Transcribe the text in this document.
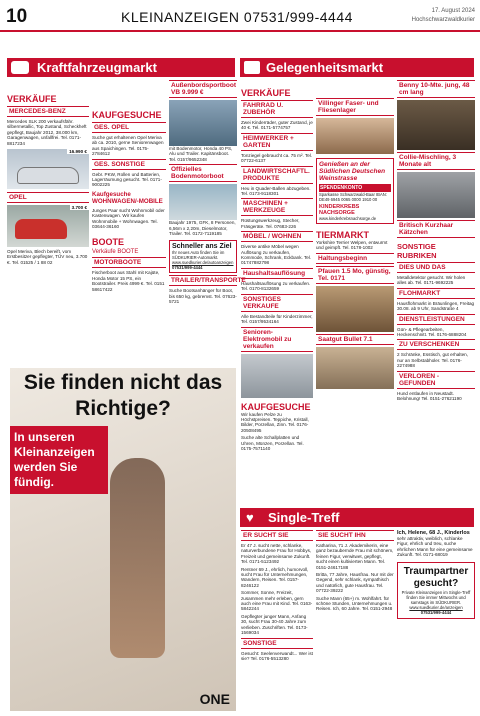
10	KLEINANZEIGEN 07531/999-4444	17. August 2024
Hochschwarzwaldkurier
Kraftfahrzeugmarkt	Gelegenheitsmarkt
VERKÄUFE
MERCEDES-BENZ
Mercedes SLK 200 verkaufsfähr. silbermetallic, Top Zustand, Scheckheft gepflegt, Baujahr 2012, 38.000 km, Garagenwagen, unfallfrei. Tel. 0171-8817234
16.990 €
OPEL
3.700 €
Opel Meriva, Blech bereift, vom Erstbesitzer gepflegter, TÜV neu, 3.700 €. Tel. 01525 / 1 88 02
KAUFGESUCHE
GES. OPEL
Suche gut erhaltenen Opel Meriva ab ca. 2010, gerne Seniorenwagen aus Spaichingen. Tel. 0175-2784612
GES. SONSTIGE
Gebr. PKW, Rollen und Batterien, Lagerräumung gesucht. Tel. 0171-9002225
Kaufgesuche WOHNWAGEN/-MOBILE
Junges Paar sucht Wohnmobil oder Kastenwagen. Wir kaufen Wohnmobile + Wohnwagen. Tel. 03644-36160
BOOTE
Verkäufe BOOTE
MOTORBOOTE
Fischerboot aus Stahl mit Kajüte, Honda Motor 15 PS, ein Bootstrailer. Preis 4999 €. Tel. 0151 58617422
Außenbordsportboot VB 9.999 €
mit Bodenmotor, Honda 40 PS, Alu und Trailer. Kapitänsboot. Tel. 0157/9652348
Offizielles Bodenmotorboot
Baujahr 1975, GFK, 8 Personen, 6,56m x 2,20m, Dieselmotor, Trailer. Tel. 0172-7119185
Schneller ans Ziel
Ihr neues Auto finden Sie im SÜDKURIER-Automarkt.
www.suedkurier.de/autoanzeigen
07531/999-4444
TRAILER/TRANSPORTE
Suche Bootsanhänger für Boot, bis 650 kg, gebremst. Tel. 07623-5721
Sie finden nicht das Richtige?
In unseren Kleinanzeigen werden Sie fündig.
ONE
VERKÄUFE
FAHRRAD U. ZUBEHÖR
Zwei Kinderräder, guter Zustand, je 40 €. Tel. 0171-5774757
HEIMWERKER + GARTEN
Tonziegel gebraucht ca. 75 m². Tel. 07722-6137
LANDWIRTSCHAFTL. PRODUKTE
Heu in Quader-Ballen abzugeben. Tel. 0173-9118301
MASCHINEN + WERKZEUGE
Rüstungswerkzeug, Stecher, Fräsgeräte. Tel. 07683-226
MÖBEL / WOHNEN
Diverse antike Möbel wegen Auflösung zu verkaufen, Kommode, Schrank, Eckbank. Tel. 01747882798
Haushaltsauflösung
Haushaltsauflösung zu verkaufen. Tel. 0170-8132659
SONSTIGES VERKAUFE
Alle Bestandteile für Kinderzimmer, Tel. 0157/9534164
Senioren-Elektromobil zu verkaufen
KAUFGESUCHE
Wir kaufen Pelze zu Höchstpreisen. Teppiche, Kristall, Bilder, Porzellan, Zinn. Tel. 0176-20508495
Suche alte Schallplatten und Uhren, Münzen, Porzellan. Tel. 0175-7571140
Villinger Faser- und Fliesenlager
Genießen an der Südlichen Deutschen Weinstrasse
SPENDENKONTO
Sparkasse Schwarzwald-Baar IBAN: DE49 6945 0065 0000 1910 00
KINDERKREBS NACHSORGE
www.kinderkrebsnachsorge.de
TIERMARKT
Yorkshire Terrier Welpen, entwurmt und geimpft. Tel. 0178-1002
Haltungsbeginn
Pfauen 1.5 Mo, günstig, Tel. 0171
Saatgut Bullet 7.1
Benny 10-Mte. jung, 48 cm lang
Collie-Mischling, 3 Monate alt
Britisch Kurzhaar Kätzchen
SONSTIGE RUBRIKEN
DIES UND DAS
Metalldetektor gesucht. Wir holen alles ab. Tel. 0171-9692225
FLOHMARKT
Hausflohmarkt in Bräunlingen, Freitag 30.08. ab 9 Uhr, Sandstraße 4
DIENSTLEISTUNGEN
Gün- & Pflegearbeiten, Heckenschnitt. Tel. 0176-6888204
ZU VERSCHENKEN
2 Schränke, Esstisch, gut erhalten, nur an Selbstabholer. Tel. 0176-2274988
VERLOREN - GEFUNDEN
Hund entlaufen in Neustadt. Belohnung! Tel. 0151-27621190
♥ Single-Treff
ER SUCHT SIE
Er 47 J. sucht nette, schlanke, naturverbundene Frau für Hobbys, Freizeit und gemeinsame Zukunft. Tel. 0171-5123492
Rentner 69 J., ehrlich, humorvoll, sucht Frau für Unternehmungen, Wandern, Reisen. Tel. 0157-8246122
Sommer, Sonne, Freizeit, zusammen mehr erleben, gern auch eine Frau mit Kind. Tel. 0163-5842244
Gepflegter junger Mann, Anfang 30, sucht Frau 30-40 Jahre zum verlieben. Zuschriften. Tel. 0173-1569034
SONSTIGE
Gesucht: Seelenverwandt... Wer ist sie? Tel. 0176-5513280
SIE SUCHT IHN
Katharina, 71 J. Akademikerin, eine ganz bezaubernde Frau mit schönem, feinen Figur, verwitwet, gepflegt, sucht einen kultivierten Mann. Tel. 0151-24617188
Britta, 77 Jahre, Hausfrau. Nur mit der Gegend, sehr schlank, sympathisch und natürlich, gute Hausfrau. Tel. 07722-39222
Suche Mann (65+) m. Wohlfahrt. für schöne Stunden, Unternehmungen u. Reisen. Ich, 60 Jahre. Tel. 0151-2948
Ich, Helene, 68 J., Kinderlos
sehr attraktiv, weiblich, schlanke Figur, ehrlich und treu, suche ehrlichen Mann für eine gemeinsame Zukunft. Tel. 0171-68019
Traumpartner gesucht?
Private Kleinanzeigen im Single-Treff finden Sie immer Mittwochs und samstags im SÜDKURIER.
www.suedkurier.de/anzeigen
07531/999-4444
